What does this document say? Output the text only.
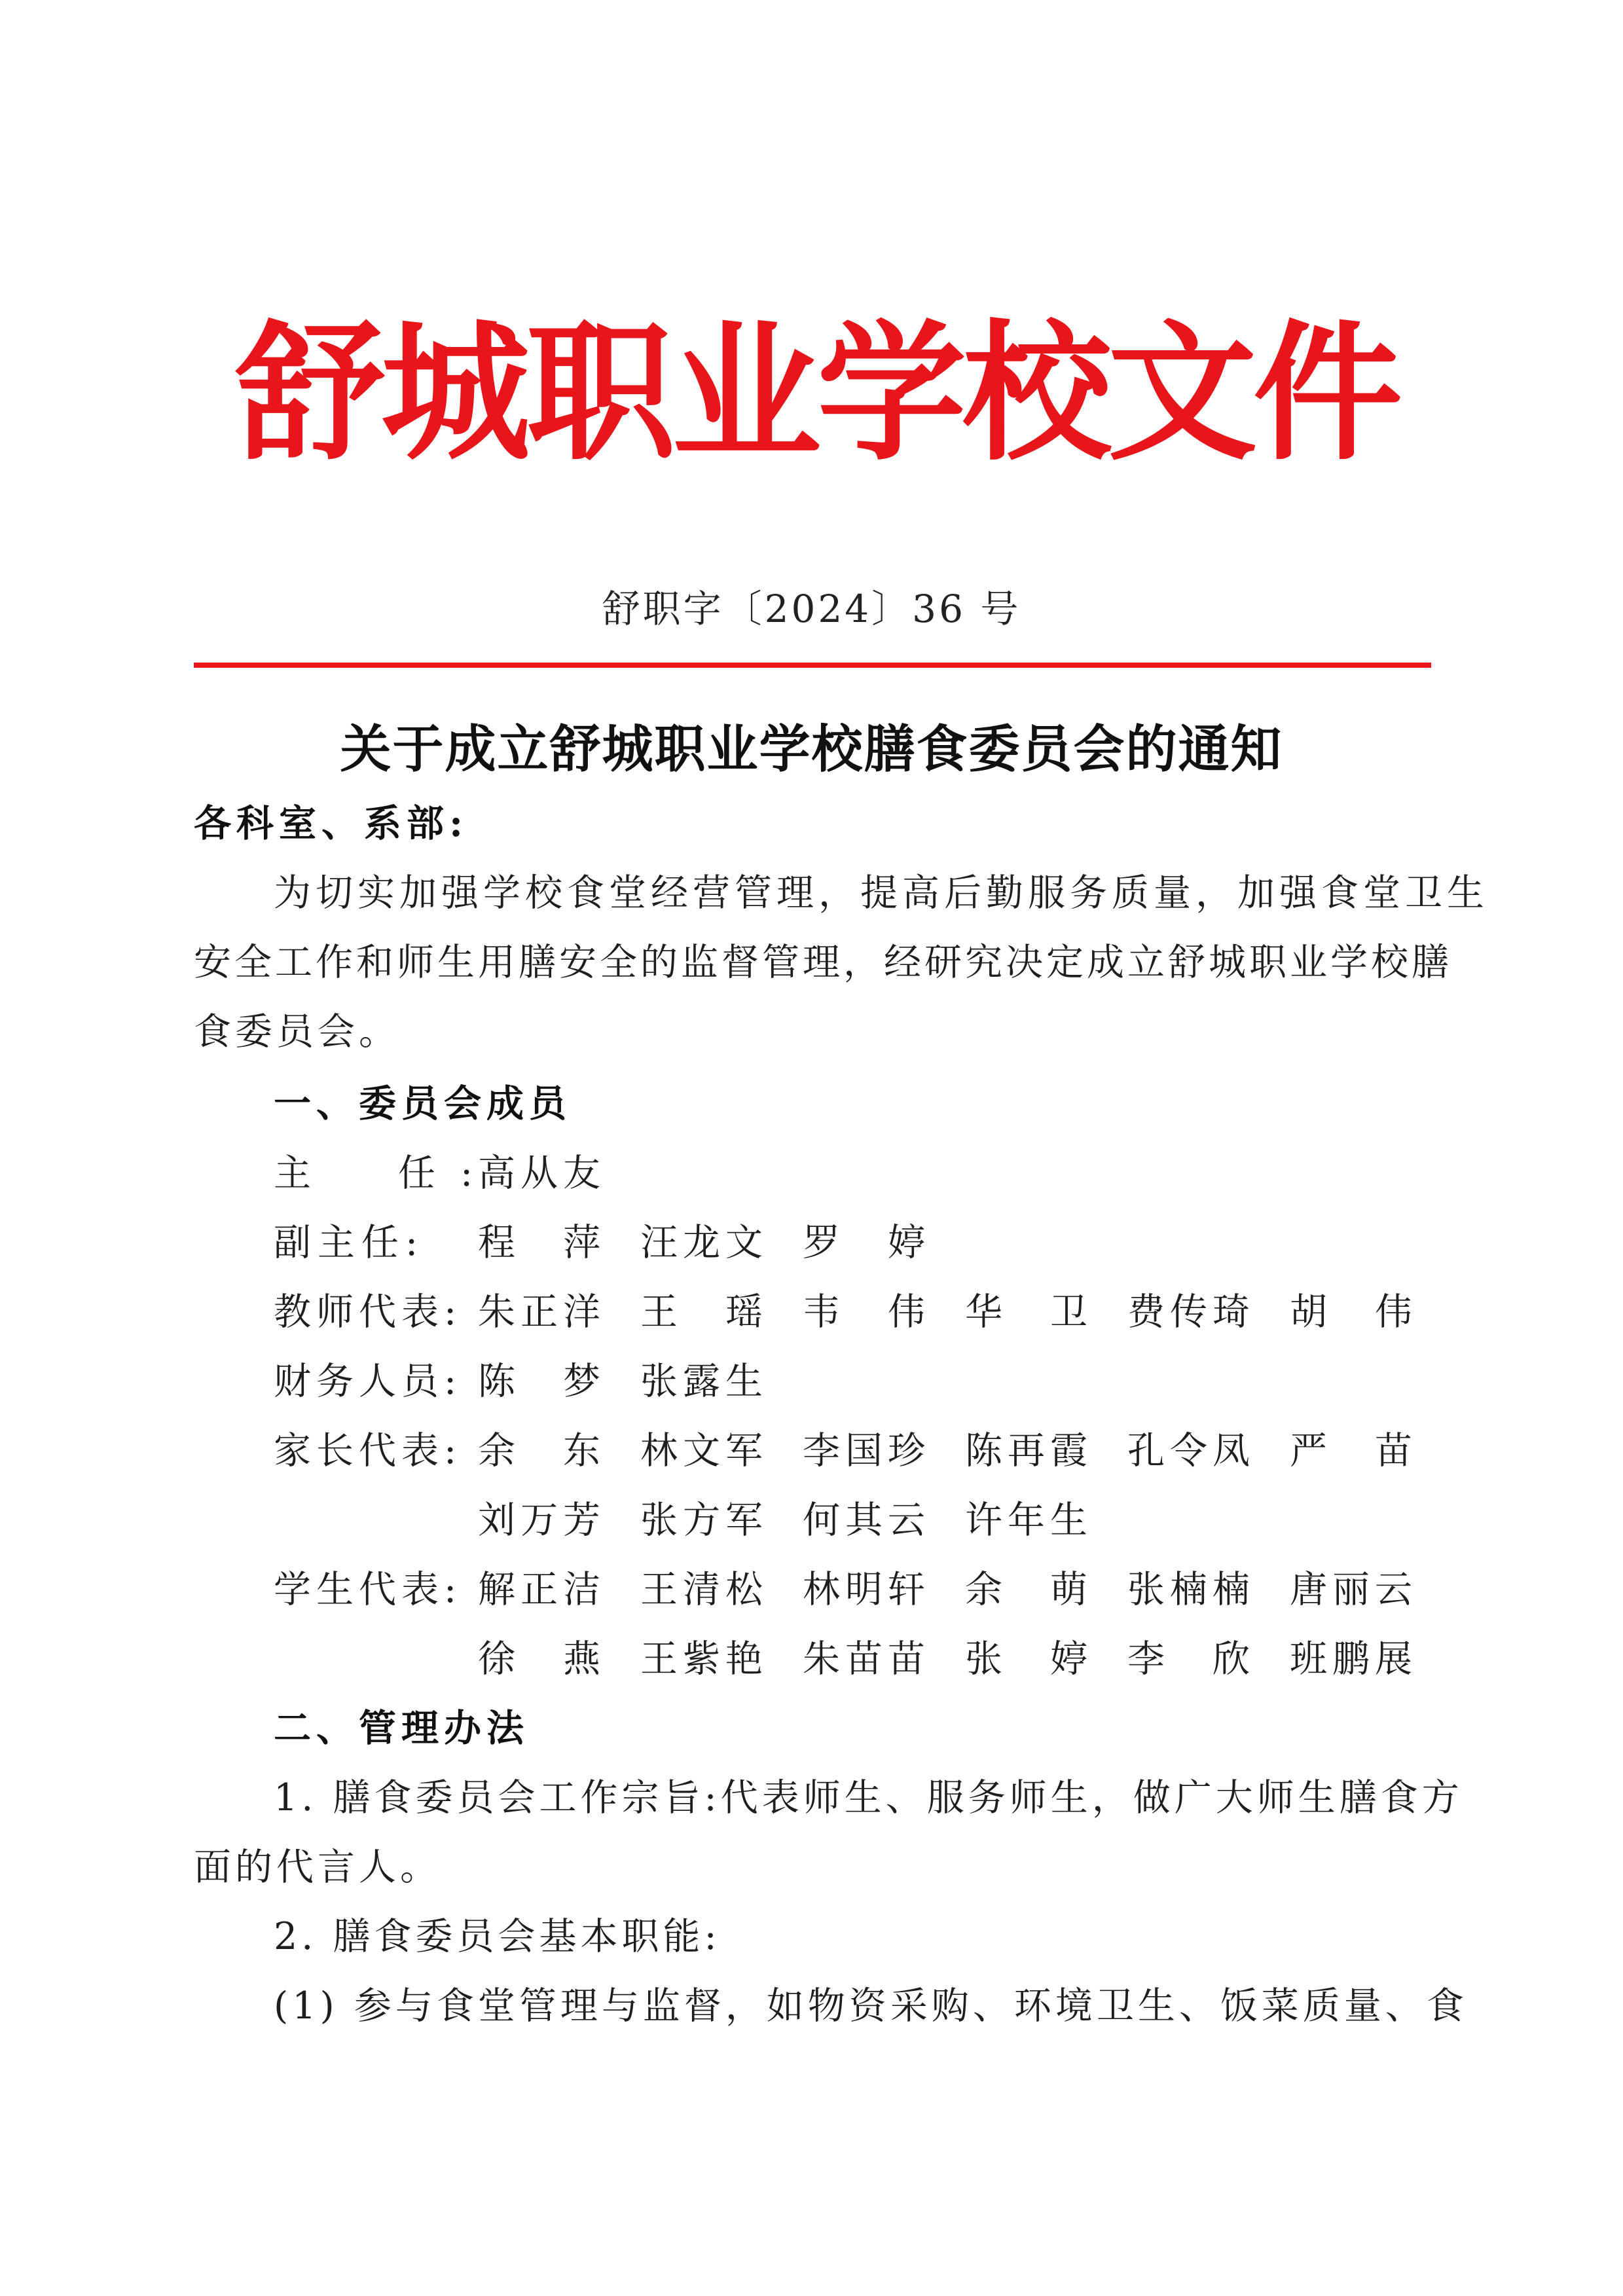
舒城职业学校文件
舒职字〔2024〕36 号
关于成立舒城职业学校膳食委员会的通知
各科室、系部:
为切实加强学校食堂经营管理，提高后勤服务质量，加强食堂卫生
安全工作和师生用膳安全的监督管理，经研究决定成立舒城职业学校膳
食委员会。
一、委员会成员
主　任:
高从友
副主任: 程　萍 汪龙文 罗　婷
教师代表: 朱正洋 王　瑶 韦　伟 华　卫 费传琦 胡　伟
财务人员: 陈　梦 张露生
家长代表: 余　东 林文军 李国珍 陈再霞 孔令凤 严　苗
刘万芳 张方军 何其云 许年生
学生代表: 解正洁 王清松 林明轩 余　萌 张楠楠 唐丽云
徐　燕 王紫艳 朱苗苗 张　婷 李　欣 班鹏展
二、管理办法
1. 膳食委员会工作宗旨:代表师生、服务师生，做广大师生膳食方
面的代言人。
2. 膳食委员会基本职能:
(1) 参与食堂管理与监督，如物资采购、环境卫生、饭菜质量、食
